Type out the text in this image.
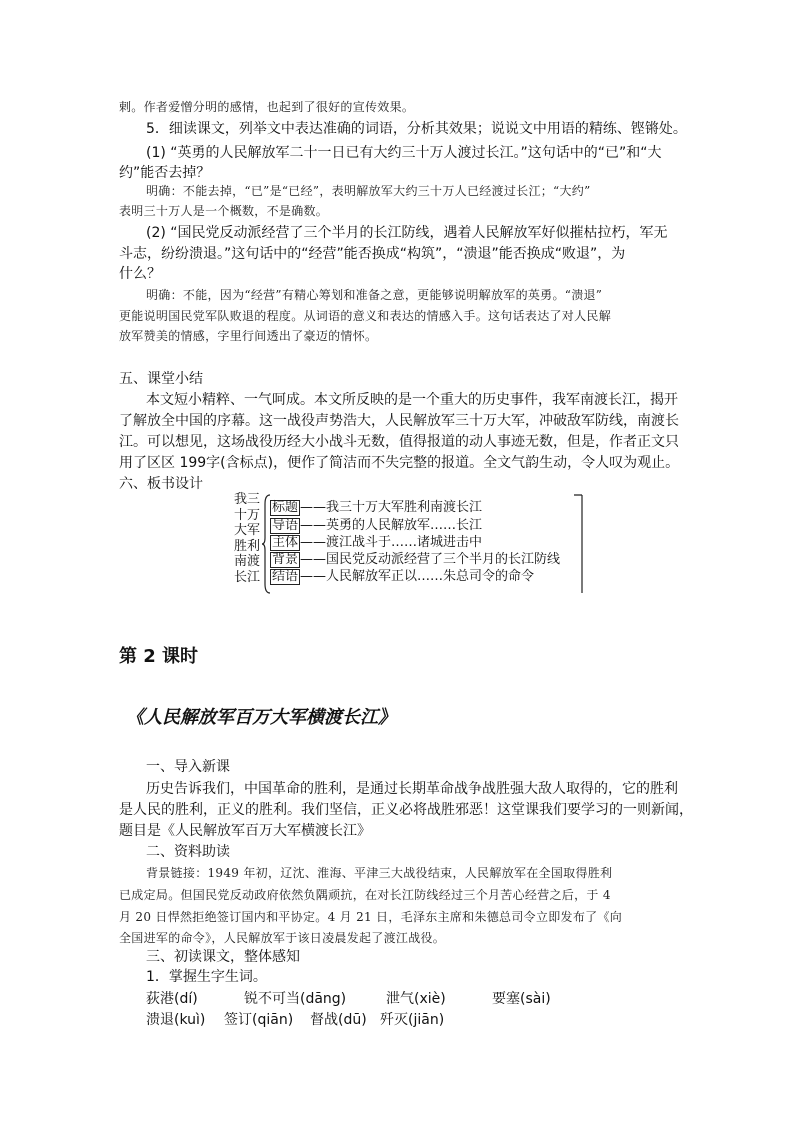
剌。作者爱憎分明的感情，也起到了很好的宣传效果。
5．细读课文，列举文中表达准确的词语，分析其效果；说说文中用语的精练、铿锵处。
(1) “英勇的人民解放军二十一日已有大约三十万人渡过长江。”这句话中的“已”和“大
约”能否去掉？
明确：不能去掉，“已”是“已经”，表明解放军大约三十万人已经渡过长江；“大约”
表明三十万人是一个概数，不是确数。
(2) “国民党反动派经营了三个半月的长江防线，遇着人民解放军好似摧枯拉朽，军无
斗志，纷纷溃退。”这句话中的“经营”能否换成“构筑”，“溃退”能否换成“败退”，为
什么？
明确：不能，因为“经营”有精心筹划和准备之意，更能够说明解放军的英勇。“溃退”
更能说明国民党军队败退的程度。从词语的意义和表达的情感入手。这句话表达了对人民解
放军赞美的情感，字里行间透出了豪迈的情怀。
五、课堂小结
本文短小精粹、一气呵成。本文所反映的是一个重大的历史事件，我军南渡长江，揭开
了解放全中国的序幕。这一战役声势浩大，人民解放军三十万大军，冲破敌军防线，南渡长
江。可以想见，这场战役历经大小战斗无数，值得报道的动人事迹无数，但是，作者正文只
用了区区 199字(含标点)，便作了简洁而不失完整的报道。全文气韵生动，令人叹为观止。
六、板书设计
我三
十万
大军
胜利
南渡
长江
标题 ——我三十万大军胜利南渡长江
导语 ——英勇的人民解放军……长江
主体 ——渡江战斗于……诸城进击中
背景 ——国民党反动派经营了三个半月的长江防线
结语 ——人民解放军正以……朱总司令的命令
第 2 课时
《人民解放军百万大军横渡长江》
一、导入新课
历史告诉我们，中国革命的胜利，是通过长期革命战争战胜强大敌人取得的，它的胜利
是人民的胜利，正义的胜利。我们坚信，正义必将战胜邪恶！这堂课我们要学习的一则新闻，
题目是《人民解放军百万大军横渡长江》
二、资料助读
背景链接：1949 年初，辽沈、淮海、平津三大战役结束，人民解放军在全国取得胜利
已成定局。但国民党反动政府依然负隅顽抗，在对长江防线经过三个月苦心经营之后，于 4
月 20 日悍然拒绝签订国内和平协定。4 月 21 日，毛泽东主席和朱德总司令立即发布了《向
全国进军的命令》，人民解放军于该日凌晨发起了渡江战役。
三、初读课文，整体感知
1．掌握生字生词。
荻港(dí)	锐不可当(dāng)	泄气(xiè)	要塞(sài)
溃退(kuì) 签订(qiān) 督战(dū) 歼灭(jiān)
